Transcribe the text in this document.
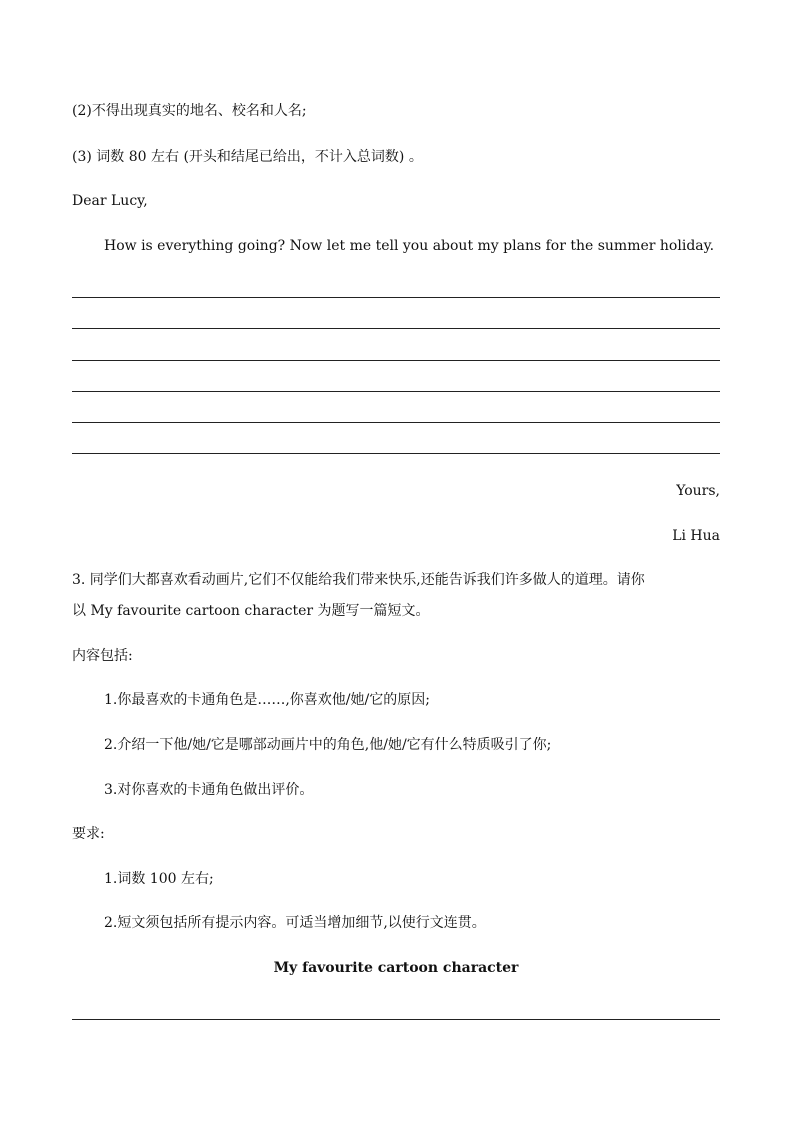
(2)不得出现真实的地名、校名和人名;
(3) 词数 80 左右 (开头和结尾已给出，不计入总词数) 。
Dear Lucy,
How is everything going? Now let me tell you about my plans for the summer holiday.
Yours,
Li Hua
3. 同学们大都喜欢看动画片,它们不仅能给我们带来快乐,还能告诉我们许多做人的道理。请你
以 My favourite cartoon character 为题写一篇短文。
内容包括:
1.你最喜欢的卡通角色是……,你喜欢他/她/它的原因;
2.介绍一下他/她/它是哪部动画片中的角色,他/她/它有什么特质吸引了你;
3.对你喜欢的卡通角色做出评价。
要求:
1.词数 100 左右;
2.短文须包括所有提示内容。可适当增加细节,以使行文连贯。
My favourite cartoon character
